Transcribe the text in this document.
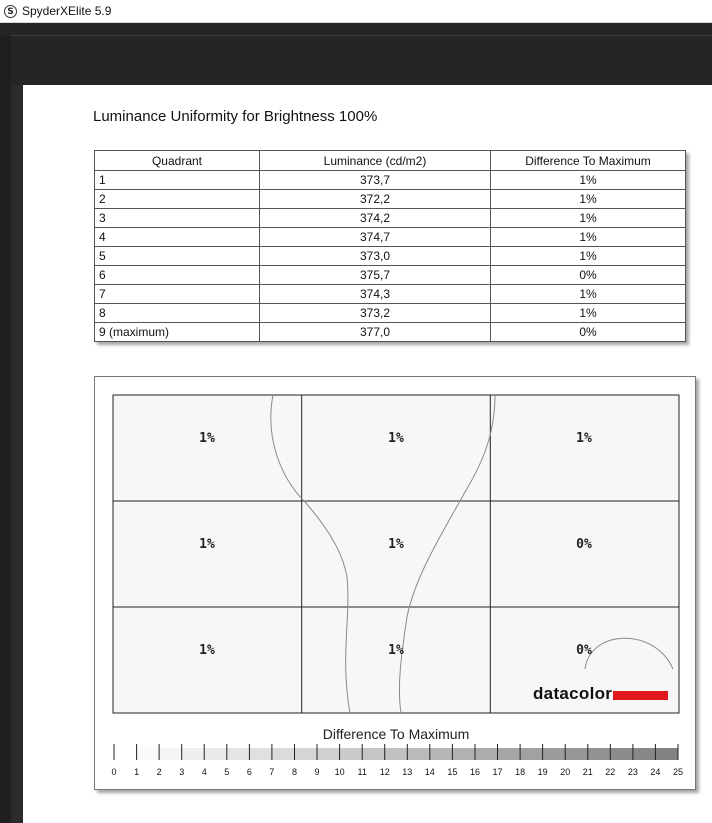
S SpyderXElite 5.9
Luminance Uniformity for Brightness 100%
Quadrant	Luminance (cd/m2)	Difference To Maximum
1	373,7	1%
2	372,2	1%
3	374,2	1%
4	374,7	1%
5	373,0	1%
6	375,7	0%
7	374,3	1%
8	373,2	1%
9 (maximum)	377,0	0%
1%	1%	1%
1%	1%	0%
1%	1%	0%
0 1 2 3 4 5 6 7 8 9 10 11 12 13 14 15 16 17 18 19 20 21 22 23 24 25
datacolor
Difference To Maximum
